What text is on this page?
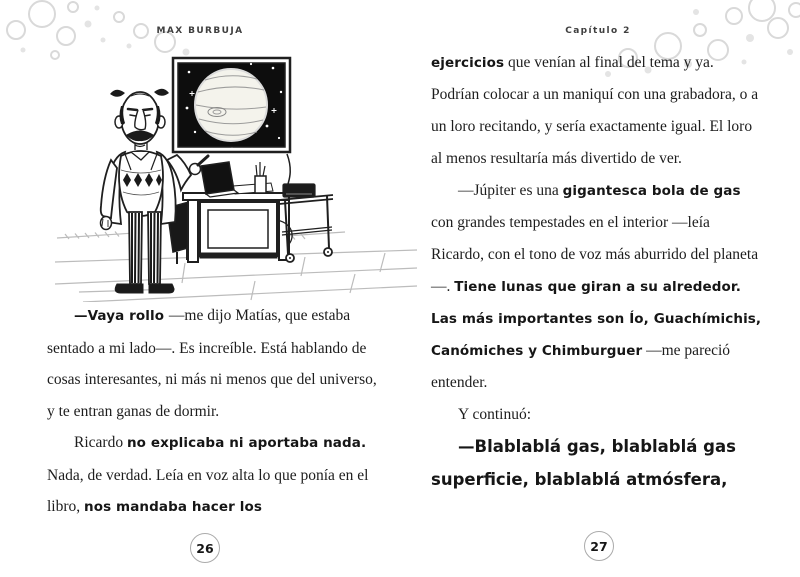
MAX BURBUJA	Capítulo 2

—Vaya rollo —me dijo Matías, que estaba sentado a mi lado—. Es increíble. Está hablando de cosas interesantes, ni más ni menos que del universo, y te entran ganas de dormir.

Ricardo no explicaba ni aportaba nada. Nada, de verdad. Leía en voz alta lo que ponía en el libro, nos mandaba hacer los

ejercicios que venían al final del tema y ya. Podrían colocar a un maniquí con una grabadora, o a un loro recitando, y sería exactamente igual. El loro al menos resultaría más divertido de ver.

—Júpiter es una gigantesca bola de gas con grandes tempestades en el interior —leía Ricardo, con el tono de voz más aburrido del planeta—. Tiene lunas que giran a su alrededor. Las más importantes son Ío, Guachímichis, Canómiches y Chimburguer —me pareció entender.

Y continuó:

—Blablablá gas, blablablá gas superficie, blablablá atmósfera,

26	27
